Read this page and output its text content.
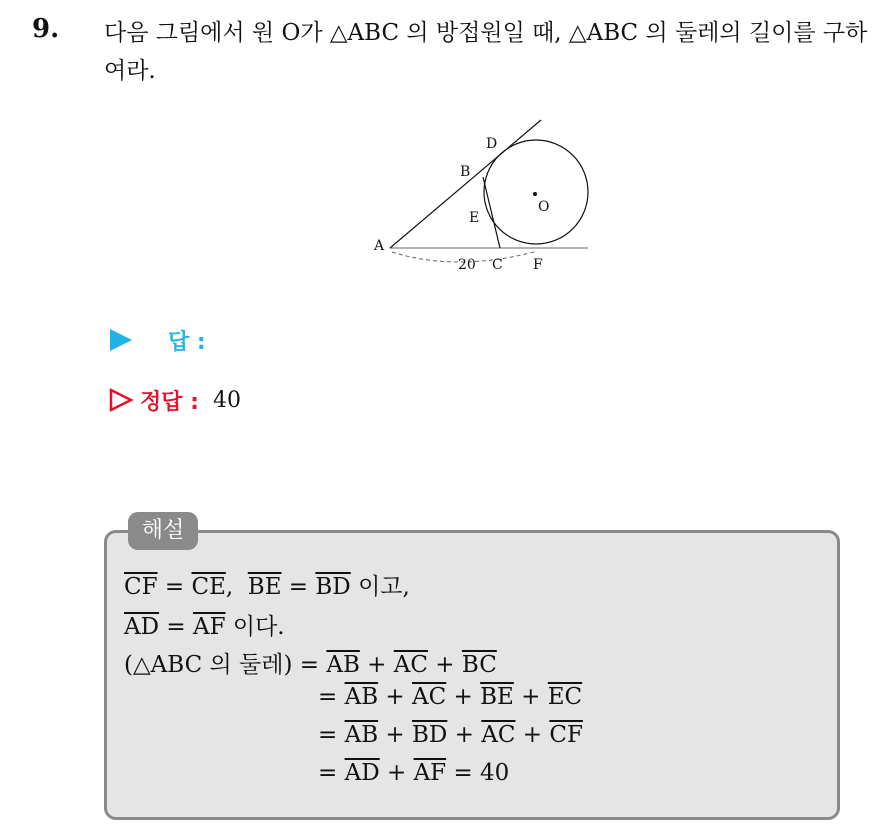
9. 다음 그림에서 원 O가 △ABC 의 방접원일 때, △ABC 의 둘레의 길이를 구하여라.
A
B
C
D
E
F
O
20
답 :
정답 : 40
해설
$\overline{CF} = \overline{CE}$,  $\overline{BE} = \overline{BD}$ 이고,
$\overline{AD} = \overline{AF}$ 이다.
(△ABC 의 둘레) = $\overline{AB} + \overline{AC} + \overline{BC}$
= $\overline{AB} + \overline{AC} + \overline{BE} + \overline{EC}$
= $\overline{AB} + \overline{BD} + \overline{AC} + \overline{CF}$
= $\overline{AD} + \overline{AF} = 40$
